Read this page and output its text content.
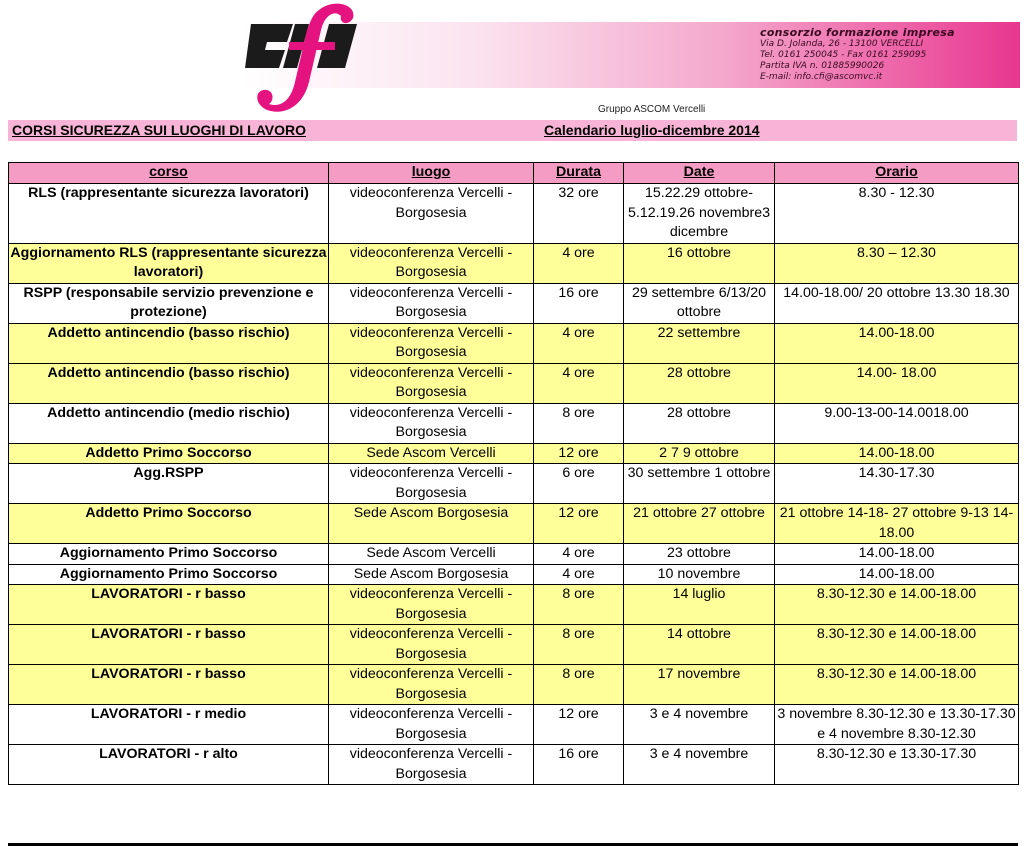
consorzio formazione impresa
Via D. Jolanda, 26 - 13100 VERCELLI
Tel. 0161 250045 - Fax 0161 259095
Partita IVA n. 01885990026
E-mail: info.cfi@ascomvc.it
Gruppo ASCOM Vercelli
CORSI SICUREZZA SUI LUOGHI DI LAVORO	Calendario luglio-dicembre 2014
corso	luogo	Durata	Date	Orario
RLS (rappresentante sicurezza lavoratori)	videoconferenza Vercelli - Borgosesia	32 ore	15.22.29 ottobre-5.12.19.26 novembre3 dicembre	8.30 - 12.30
Aggiornamento RLS (rappresentante sicurezza lavoratori)	videoconferenza Vercelli - Borgosesia	4 ore	16 ottobre	8.30 – 12.30
RSPP (responsabile servizio prevenzione e protezione)	videoconferenza Vercelli - Borgosesia	16 ore	29 settembre 6/13/20 ottobre	14.00-18.00/ 20 ottobre 13.30 18.30
Addetto antincendio (basso rischio)	videoconferenza Vercelli - Borgosesia	4 ore	22 settembre	14.00-18.00
Addetto antincendio (basso rischio)	videoconferenza Vercelli - Borgosesia	4 ore	28 ottobre	14.00- 18.00
Addetto antincendio (medio rischio)	videoconferenza Vercelli - Borgosesia	8 ore	28 ottobre	9.00-13-00-14.0018.00
Addetto Primo Soccorso	Sede Ascom Vercelli	12 ore	2 7 9 ottobre	14.00-18.00
Agg.RSPP	videoconferenza Vercelli - Borgosesia	6 ore	30 settembre 1 ottobre	14.30-17.30
Addetto Primo Soccorso	Sede Ascom Borgosesia	12 ore	21 ottobre 27 ottobre	21 ottobre 14-18- 27 ottobre 9-13 14-18.00
Aggiornamento Primo Soccorso	Sede Ascom Vercelli	4 ore	23 ottobre	14.00-18.00
Aggiornamento Primo Soccorso	Sede Ascom Borgosesia	4 ore	10 novembre	14.00-18.00
LAVORATORI - r basso	videoconferenza Vercelli - Borgosesia	8 ore	14 luglio	8.30-12.30 e 14.00-18.00
LAVORATORI - r basso	videoconferenza Vercelli - Borgosesia	8 ore	14 ottobre	8.30-12.30 e 14.00-18.00
LAVORATORI - r basso	videoconferenza Vercelli - Borgosesia	8 ore	17 novembre	8.30-12.30 e 14.00-18.00
LAVORATORI - r medio	videoconferenza Vercelli - Borgosesia	12 ore	3 e 4 novembre	3 novembre 8.30-12.30 e 13.30-17.30 e 4 novembre 8.30-12.30
LAVORATORI - r alto	videoconferenza Vercelli - Borgosesia	16 ore	3 e 4 novembre	8.30-12.30 e 13.30-17.30
